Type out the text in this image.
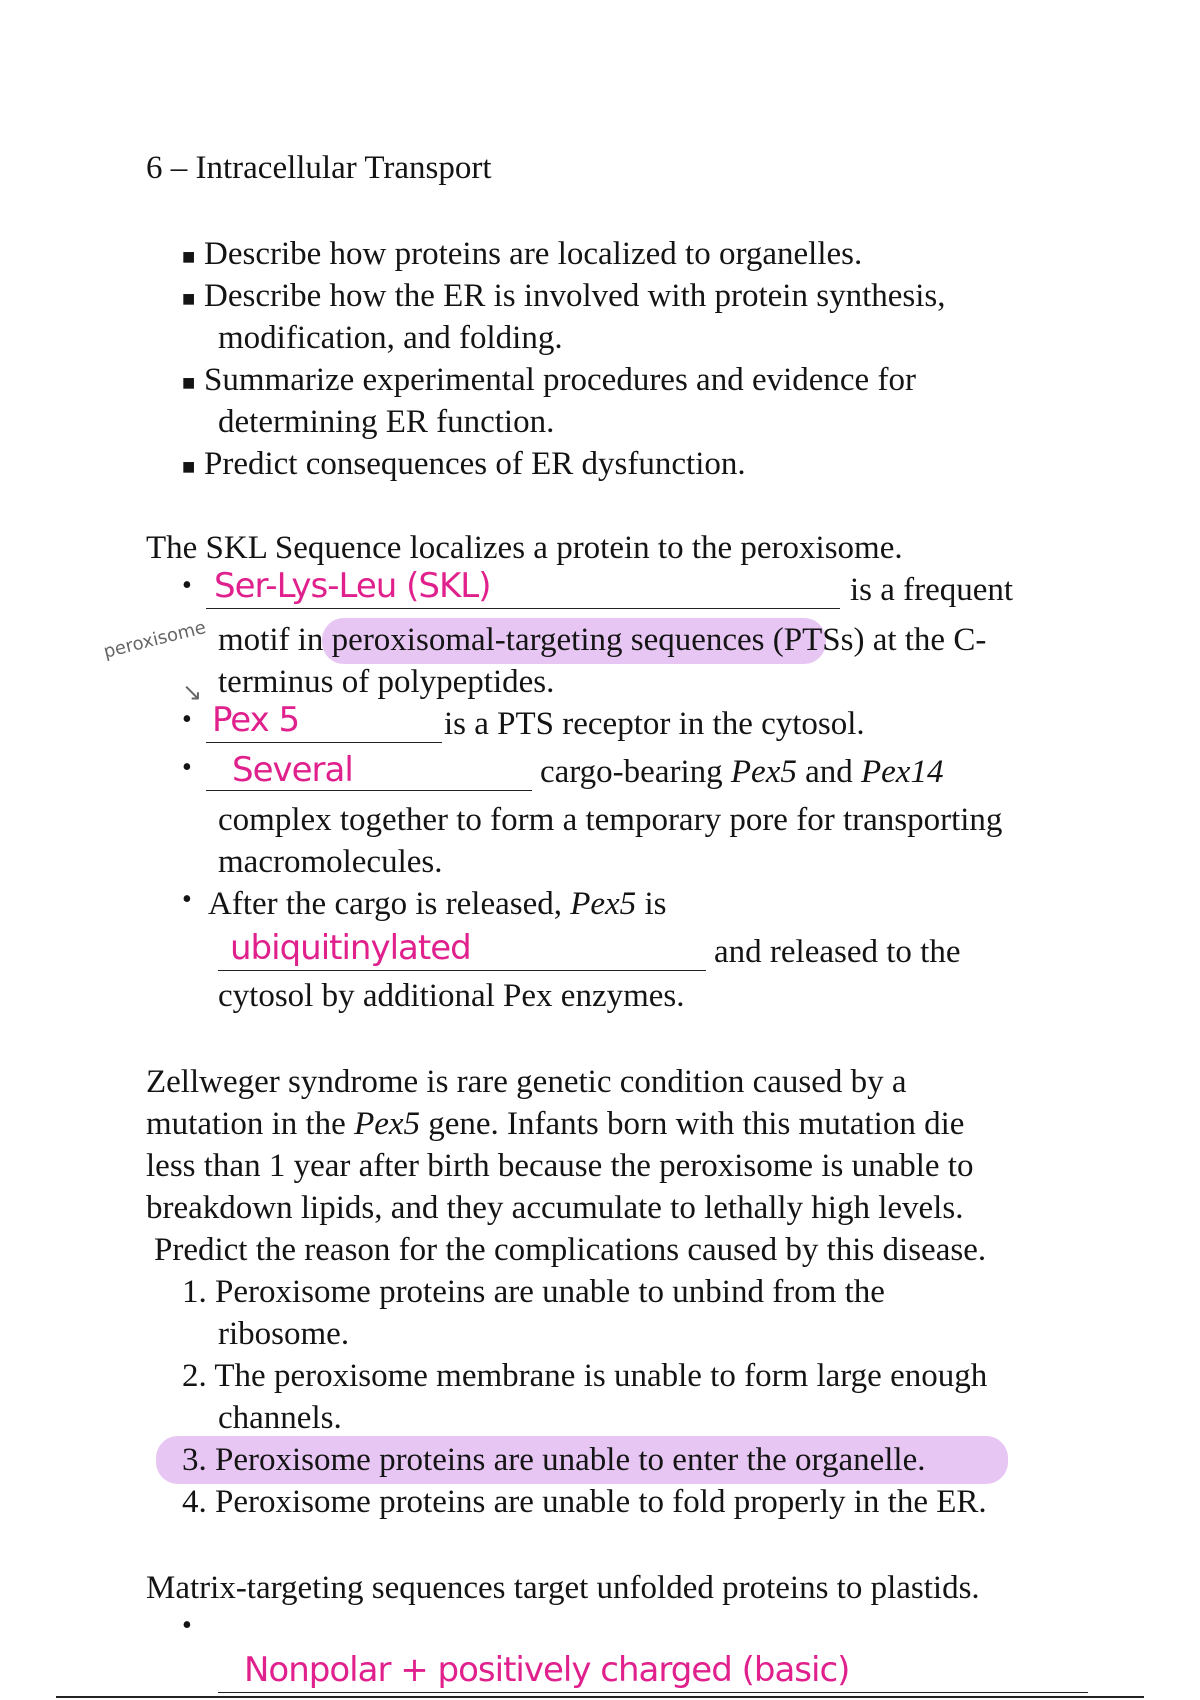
6 – Intracellular Transport
■ Describe how proteins are localized to organelles.
■ Describe how the ER is involved with protein synthesis,
modification, and folding.
■ Summarize experimental procedures and evidence for
determining ER function.
■ Predict consequences of ER dysfunction.
The SKL Sequence localizes a protein to the peroxisome.
• Ser-Lys-Leu (SKL)	is a frequent
peroxisome
↘
motif in peroxisomal-targeting sequences (PTSs) at the C-
terminus of polypeptides.
• Pex 5	is a PTS receptor in the cytosol.
• Several	cargo-bearing Pex5 and Pex14
complex together to form a temporary pore for transporting
macromolecules.
• After the cargo is released, Pex5 is
ubiquitinylated	and released to the
cytosol by additional Pex enzymes.
Zellweger syndrome is rare genetic condition caused by a
mutation in the Pex5 gene. Infants born with this mutation die
less than 1 year after birth because the peroxisome is unable to
breakdown lipids, and they accumulate to lethally high levels.
Predict the reason for the complications caused by this disease.
1. Peroxisome proteins are unable to unbind from the
ribosome.
2. The peroxisome membrane is unable to form large enough
channels.
3. Peroxisome proteins are unable to enter the organelle.
4. Peroxisome proteins are unable to fold properly in the ER.
Matrix-targeting sequences target unfolded proteins to plastids.
•
Nonpolar + positively charged (basic)
